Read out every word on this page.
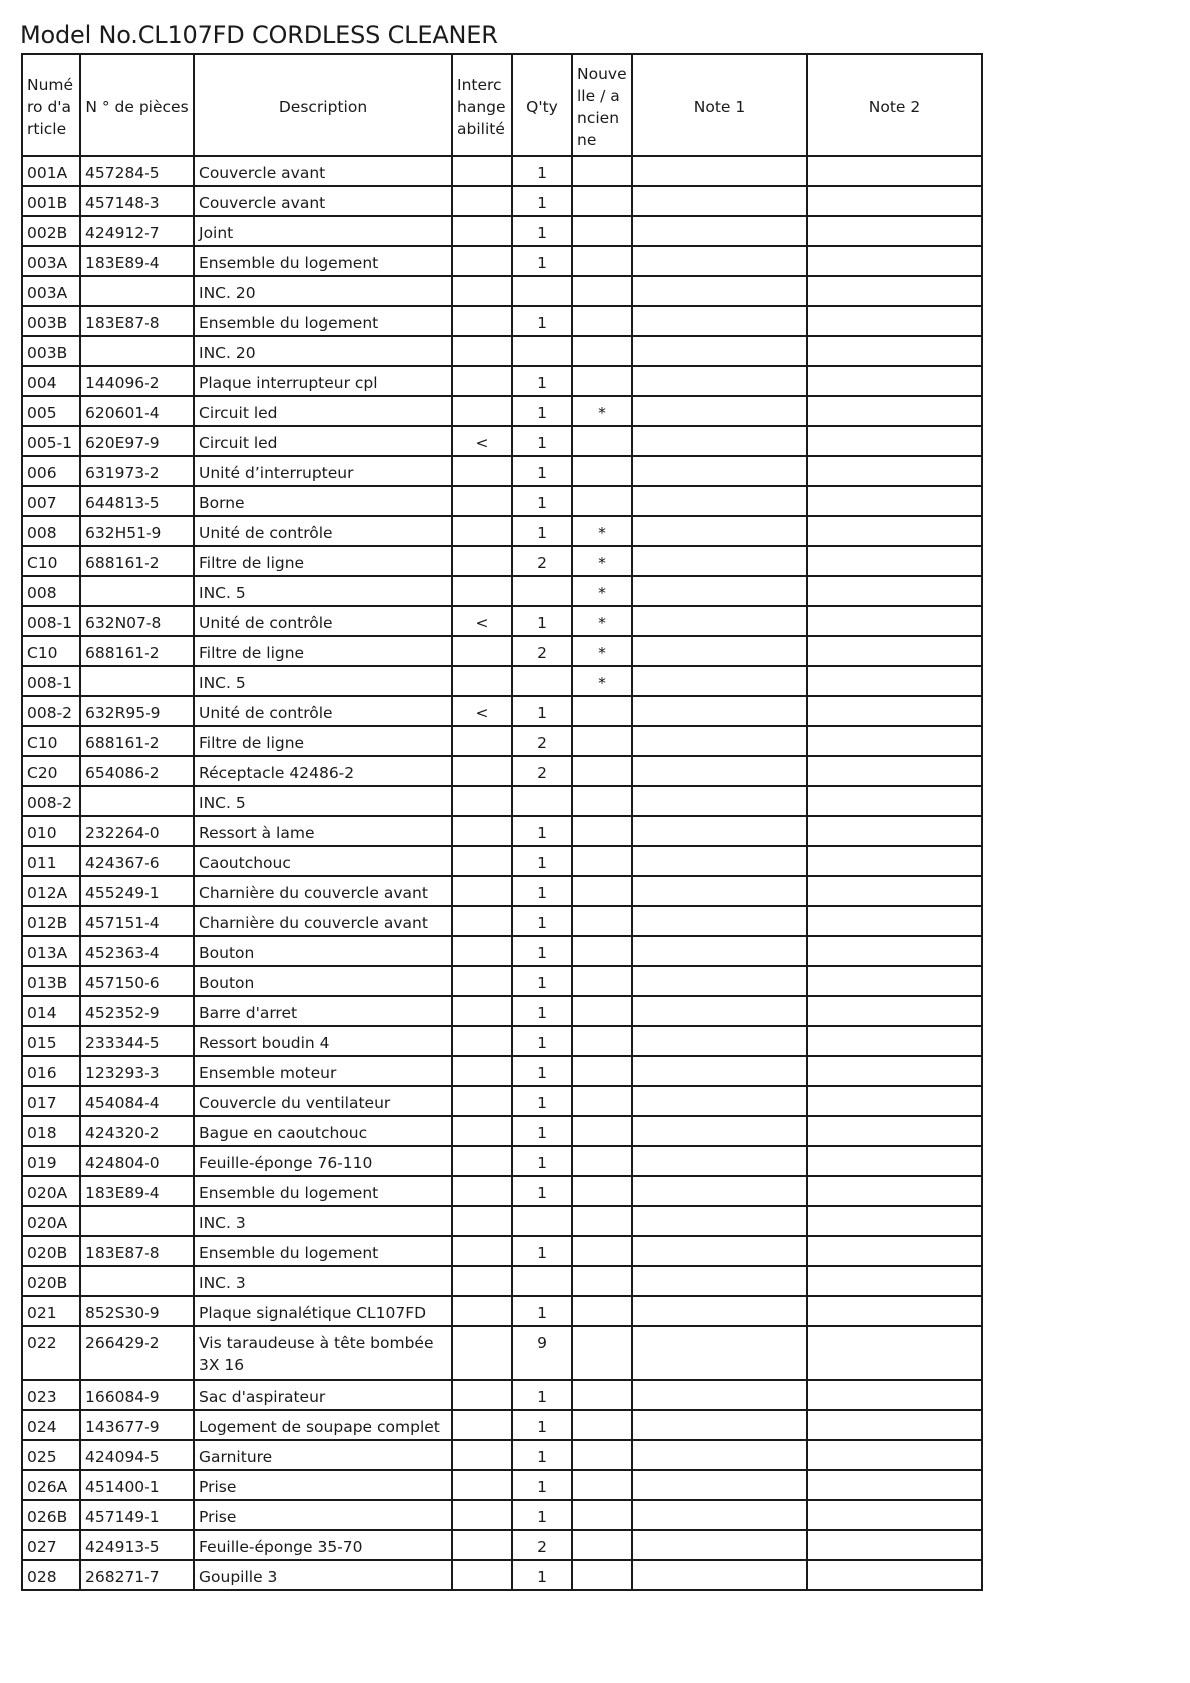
Model No.CL107FD CORDLESS CLEANER
Numéro d'article	N ° de pièces	Description	Interchangeabilité	Q'ty	Nouvelle / ancienne	Note 1	Note 2
001A	457284-5	Couvercle avant		1			
001B	457148-3	Couvercle avant		1			
002B	424912-7	Joint		1			
003A	183E89-4	Ensemble du logement		1			
003A		INC. 20					
003B	183E87-8	Ensemble du logement		1			
003B		INC. 20					
004	144096-2	Plaque interrupteur cpl		1			
005	620601-4	Circuit led		1	*		
005-1	620E97-9	Circuit led	<	1			
006	631973-2	Unité d’interrupteur		1			
007	644813-5	Borne		1			
008	632H51-9	Unité de contrôle		1	*		
C10	688161-2	Filtre de ligne		2	*		
008		INC. 5			*		
008-1	632N07-8	Unité de contrôle	<	1	*		
C10	688161-2	Filtre de ligne		2	*		
008-1		INC. 5			*		
008-2	632R95-9	Unité de contrôle	<	1			
C10	688161-2	Filtre de ligne		2			
C20	654086-2	Réceptacle 42486-2		2			
008-2		INC. 5					
010	232264-0	Ressort à lame		1			
011	424367-6	Caoutchouc		1			
012A	455249-1	Charnière du couvercle avant		1			
012B	457151-4	Charnière du couvercle avant		1			
013A	452363-4	Bouton		1			
013B	457150-6	Bouton		1			
014	452352-9	Barre d'arret		1			
015	233344-5	Ressort boudin 4		1			
016	123293-3	Ensemble moteur		1			
017	454084-4	Couvercle du ventilateur		1			
018	424320-2	Bague en caoutchouc		1			
019	424804-0	Feuille-éponge 76-110		1			
020A	183E89-4	Ensemble du logement		1			
020A		INC. 3					
020B	183E87-8	Ensemble du logement		1			
020B		INC. 3					
021	852S30-9	Plaque signalétique CL107FD		1			
022	266429-2	Vis taraudeuse à tête bombée 3X 16		9			
023	166084-9	Sac d'aspirateur		1			
024	143677-9	Logement de soupape complet		1			
025	424094-5	Garniture		1			
026A	451400-1	Prise		1			
026B	457149-1	Prise		1			
027	424913-5	Feuille-éponge 35-70		2			
028	268271-7	Goupille 3		1			
